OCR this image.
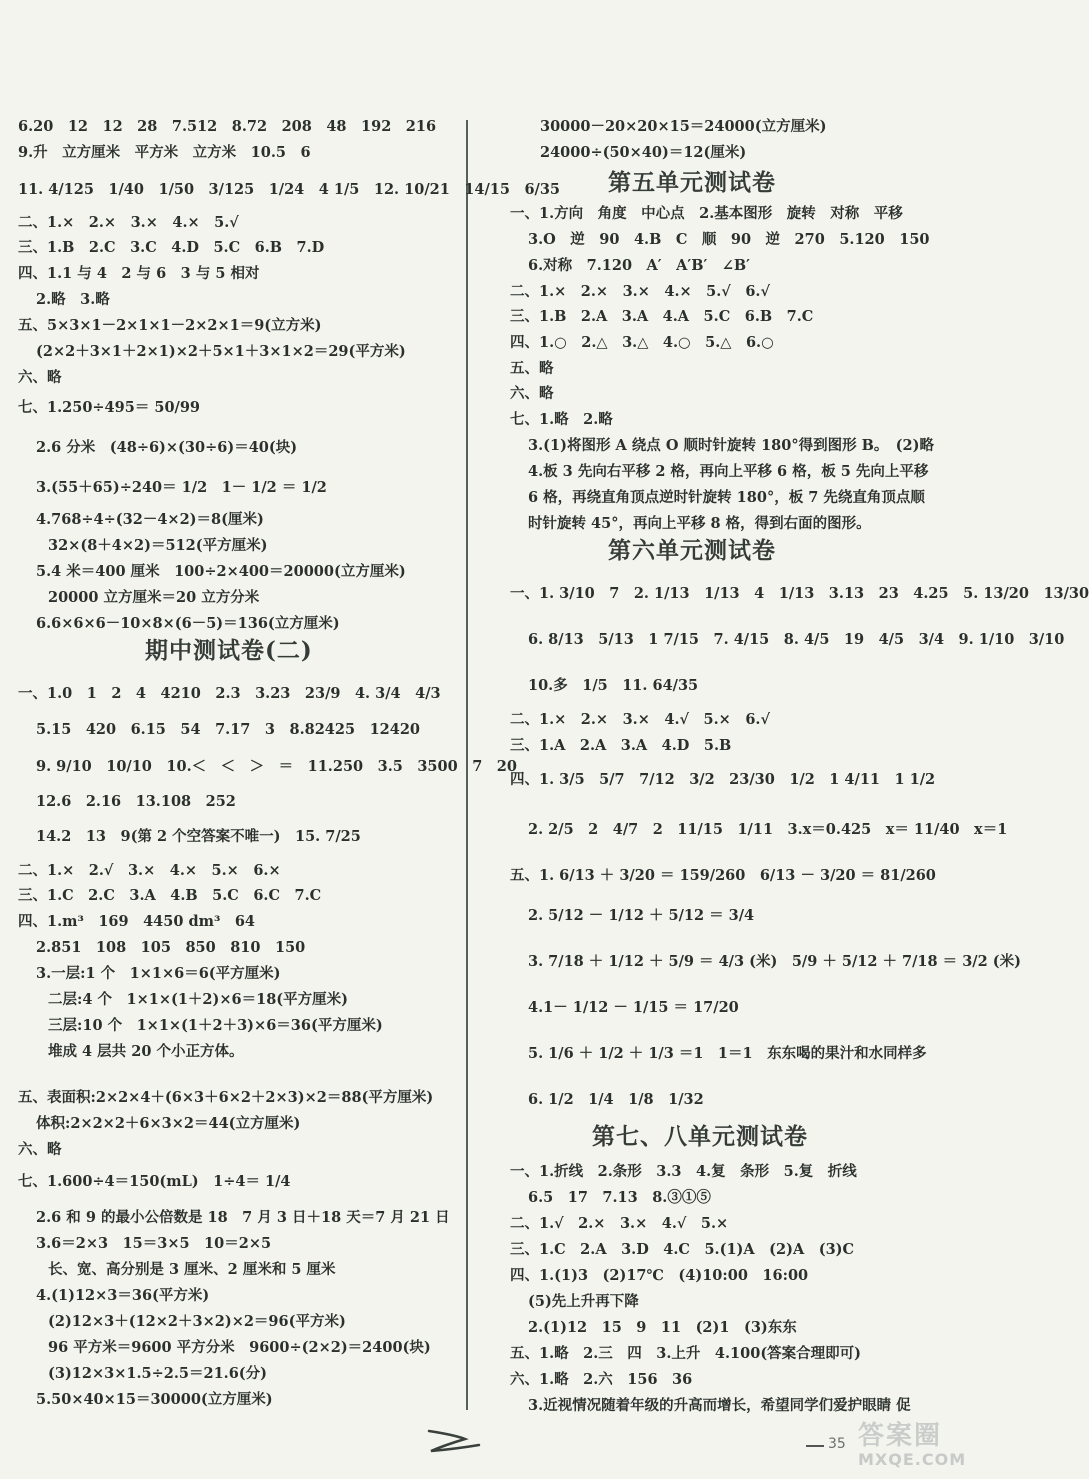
6.20　12　12　28　7.512　8.72　208　48　192　216
9.升　立方厘米　平方米　立方米　10.5　6
11. 4/125　1/40　1/50　3/125　1/24　4 1/5　12. 10/21　14/15　6/35
二、1.×　2.×　3.×　4.×　5.√
三、1.B　2.C　3.C　4.D　5.C　6.B　7.D
四、1.1 与 4　2 与 6　3 与 5 相对
2.略　3.略
五、5×3×1－2×1×1－2×2×1＝9(立方米)
(2×2＋3×1＋2×1)×2＋5×1＋3×1×2＝29(平方米)
六、略
七、1.250÷495＝ 50/99
2.6 分米　(48÷6)×(30÷6)＝40(块)
3.(55＋65)÷240＝ 1/2　1－ 1/2 ＝ 1/2
4.768÷4÷(32－4×2)＝8(厘米)
32×(8＋4×2)＝512(平方厘米)
5.4 米＝400 厘米　100÷2×400＝20000(立方厘米)
20000 立方厘米＝20 立方分米
6.6×6×6－10×8×(6－5)＝136(立方厘米)
一、1.0　1　2　4　4210　2.3　3.23　23/9　4. 3/4　4/3
5.15　420　6.15　54　7.17　3　8.82425　12420
9. 9/10　10/10　10.＜　＜　＞　＝　11.250　3.5　3500　7　20
12.6　2.16　13.108　252
14.2　13　9(第 2 个空答案不唯一)　15. 7/25
二、1.×　2.√　3.×　4.×　5.×　6.×
三、1.C　2.C　3.A　4.B　5.C　6.C　7.C
四、1.m³　169　4450 dm³　64
2.851　108　105　850　810　150
3.一层:1 个　1×1×6＝6(平方厘米)
二层:4 个　1×1×(1＋2)×6＝18(平方厘米)
三层:10 个　1×1×(1＋2＋3)×6＝36(平方厘米)
堆成 4 层共 20 个小正方体。
五、表面积:2×2×4＋(6×3＋6×2＋2×3)×2＝88(平方厘米)
体积:2×2×2＋6×3×2＝44(立方厘米)
六、略
七、1.600÷4＝150(mL)　1÷4＝ 1/4
2.6 和 9 的最小公倍数是 18　7 月 3 日＋18 天＝7 月 21 日
3.6＝2×3　15＝3×5　10＝2×5
长、宽、高分别是 3 厘米、2 厘米和 5 厘米
4.(1)12×3＝36(平方米)
(2)12×3＋(12×2＋3×2)×2＝96(平方米)
96 平方米＝9600 平方分米　9600÷(2×2)＝2400(块)
(3)12×3×1.5÷2.5＝21.6(分)
5.50×40×15＝30000(立方厘米)
期中测试卷(二)
30000－20×20×15＝24000(立方厘米)
24000÷(50×40)＝12(厘米)
一、1.方向　角度　中心点　2.基本图形　旋转　对称　平移
3.O　逆　90　4.B　C　顺　90　逆　270　5.120　150
6.对称　7.120　A′　A′B′　∠B′
二、1.×　2.×　3.×　4.×　5.√　6.√
三、1.B　2.A　3.A　4.A　5.C　6.B　7.C
四、1.○　2.△　3.△　4.○　5.△　6.○
五、略
六、略
七、1.略　2.略
3.(1)将图形 A 绕点 O 顺时针旋转 180°得到图形 B。　(2)略
4.板 3 先向右平移 2 格，再向上平移 6 格，板 5 先向上平移
6 格，再绕直角顶点逆时针旋转 180°，板 7 先绕直角顶点顺
时针旋转 45°，再向上平移 8 格，得到右面的图形。
一、1. 3/10　7　2. 1/13　1/13　4　1/13　3.13　23　4.25　5. 13/20　13/30
6. 8/13　5/13　1 7/15　7. 4/15　8. 4/5　19　4/5　3/4　9. 1/10　3/10
10.多　1/5　11. 64/35
二、1.×　2.×　3.×　4.√　5.×　6.√
三、1.A　2.A　3.A　4.D　5.B
四、1. 3/5　5/7　7/12　3/2　23/30　1/2　1 4/11　1 1/2
2. 2/5　2　4/7　2　11/15　1/11　3.x＝0.425　x＝ 11/40　x＝1
五、1. 6/13 ＋ 3/20 ＝ 159/260　6/13 － 3/20 ＝ 81/260
2. 5/12 － 1/12 ＋ 5/12 ＝ 3/4
3. 7/18 ＋ 1/12 ＋ 5/9 ＝ 4/3 (米)　5/9 ＋ 5/12 ＋ 7/18 ＝ 3/2 (米)
4.1－ 1/12 － 1/15 ＝ 17/20
5. 1/6 ＋ 1/2 ＋ 1/3 ＝1　1＝1　东东喝的果汁和水同样多
6. 1/2　1/4　1/8　1/32
一、1.折线　2.条形　3.3　4.复　条形　5.复　折线
6.5　17　7.13　8.③①⑤
二、1.√　2.×　3.×　4.√　5.×
三、1.C　2.A　3.D　4.C　5.(1)A　(2)A　(3)C
四、1.(1)3　(2)17℃　(4)10:00　16:00
(5)先上升再下降
2.(1)12　15　9　11　(2)1　(3)东东
五、1.略　2.三　四　3.上升　4.100(答案合理即可)
六、1.略　2.六　156　36
3.近视情况随着年级的升高而增长，希望同学们爱护眼睛 促
第五单元测试卷
第六单元测试卷
第七、八单元测试卷
35 答案圈
MXQE.COM
